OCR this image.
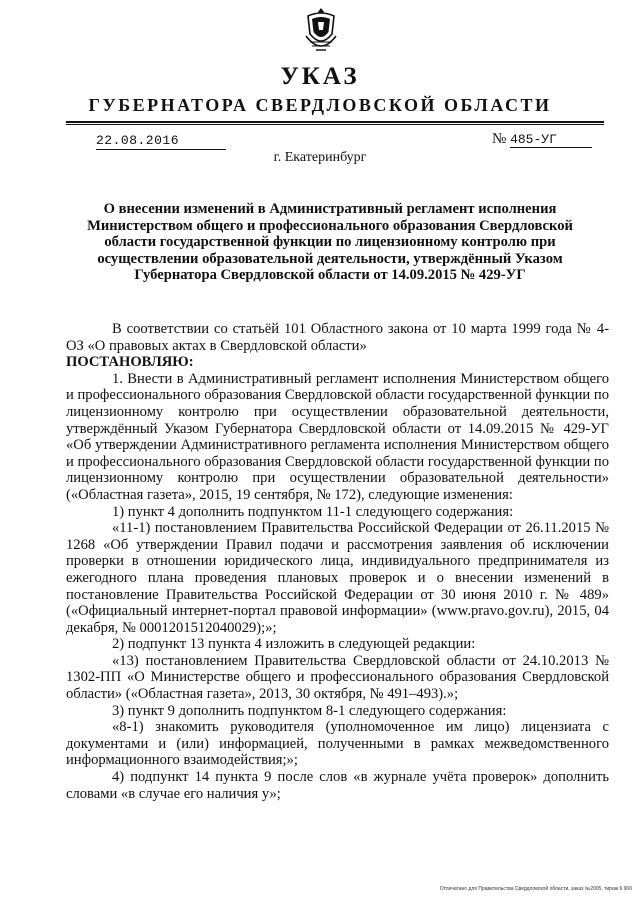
УКАЗ
ГУБЕРНАТОРА СВЕРДЛОВСКОЙ ОБЛАСТИ
22.08.2016	№ 485-УГ
г. Екатеринбург
О внесении изменений в Административный регламент исполнения Министерством общего и профессионального образования Свердловской области государственной функции по лицензионному контролю при осуществлении образовательной деятельности, утверждённый Указом Губернатора Свердловской области от 14.09.2015 № 429-УГ

В соответствии со статьёй 101 Областного закона от 10 марта 1999 года № 4-ОЗ «О правовых актах в Свердловской области»

ПОСТАНОВЛЯЮ:

1. Внести в Административный регламент исполнения Министерством общего и профессионального образования Свердловской области государственной функции по лицензионному контролю при осуществлении образовательной деятельности, утверждённый Указом Губернатора Свердловской области от 14.09.2015 № 429-УГ «Об утверждении Административного регламента исполнения Министерством общего и профессионального образования Свердловской области государственной функции по лицензионному контролю при осуществлении образовательной деятельности» («Областная газета», 2015, 19 сентября, № 172), следующие изменения:

1) пункт 4 дополнить подпунктом 11-1 следующего содержания:

«11-1) постановлением Правительства Российской Федерации от 26.11.2015 № 1268 «Об утверждении Правил подачи и рассмотрения заявления об исключении проверки в отношении юридического лица, индивидуального предпринимателя из ежегодного плана проведения плановых проверок и о внесении изменений в постановление Правительства Российской Федерации от 30 июня 2010 г. № 489» («Официальный интернет-портал правовой информации» (www.pravo.gov.ru), 2015, 04 декабря, № 0001201512040029);»;

2) подпункт 13 пункта 4 изложить в следующей редакции:

«13) постановлением Правительства Свердловской области от 24.10.2013 № 1302-ПП «О Министерстве общего и профессионального образования Свердловской области» («Областная газета», 2013, 30 октября, № 491–493).»;

3) пункт 9 дополнить подпунктом 8-1 следующего содержания:

«8-1) знакомить руководителя (уполномоченное им лицо) лицензиата с документами и (или) информацией, полученными в рамках межведомственного информационного взаимодействия;»;

4) подпункт 14 пункта 9 после слов «в журнале учёта проверок» дополнить словами «в случае его наличия у»;

Отпечатано для Правительства Свердловской области, заказ №2005, тираж 6 900
